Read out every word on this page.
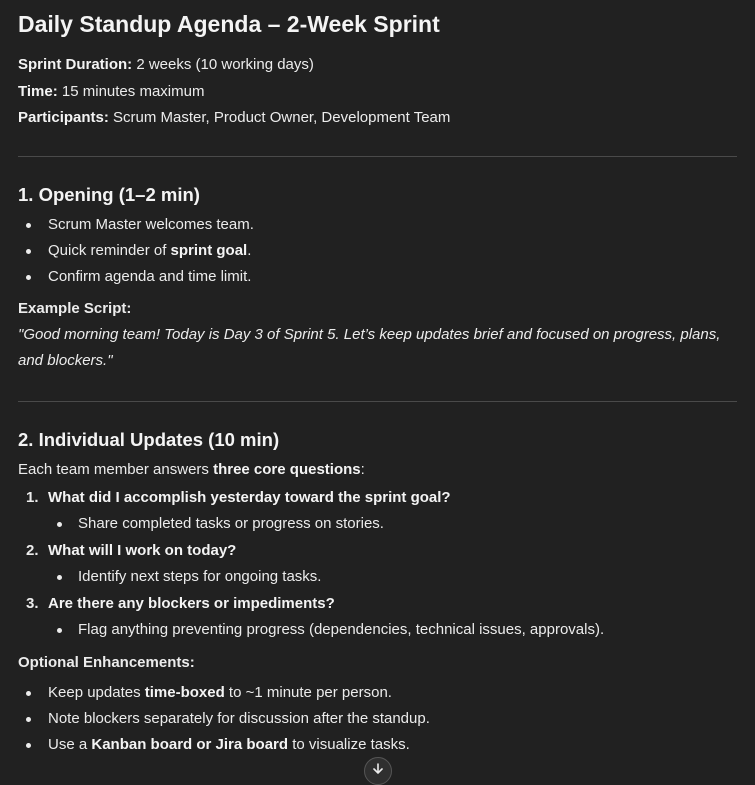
Daily Standup Agenda – 2-Week Sprint

Sprint Duration: 2 weeks (10 working days)

Time: 15 minutes maximum

Participants: Scrum Master, Product Owner, Development Team

1. Opening (1–2 min)
Scrum Master welcomes team.
Quick reminder of sprint goal.
Confirm agenda and time limit.
Example Script:

"Good morning team! Today is Day 3 of Sprint 5. Let’s keep updates brief and focused on progress, plans, and blockers."

2. Individual Updates (10 min)

Each team member answers three core questions:

1. What did I accomplish yesterday toward the sprint goal?
Share completed tasks or progress on stories.
2. What will I work on today?
Identify next steps for ongoing tasks.
3. Are there any blockers or impediments?
Flag anything preventing progress (dependencies, technical issues, approvals).
Optional Enhancements:
Keep updates time-boxed to ~1 minute per person.
Note blockers separately for discussion after the standup.
Use a Kanban board or Jira board to visualize tasks.
